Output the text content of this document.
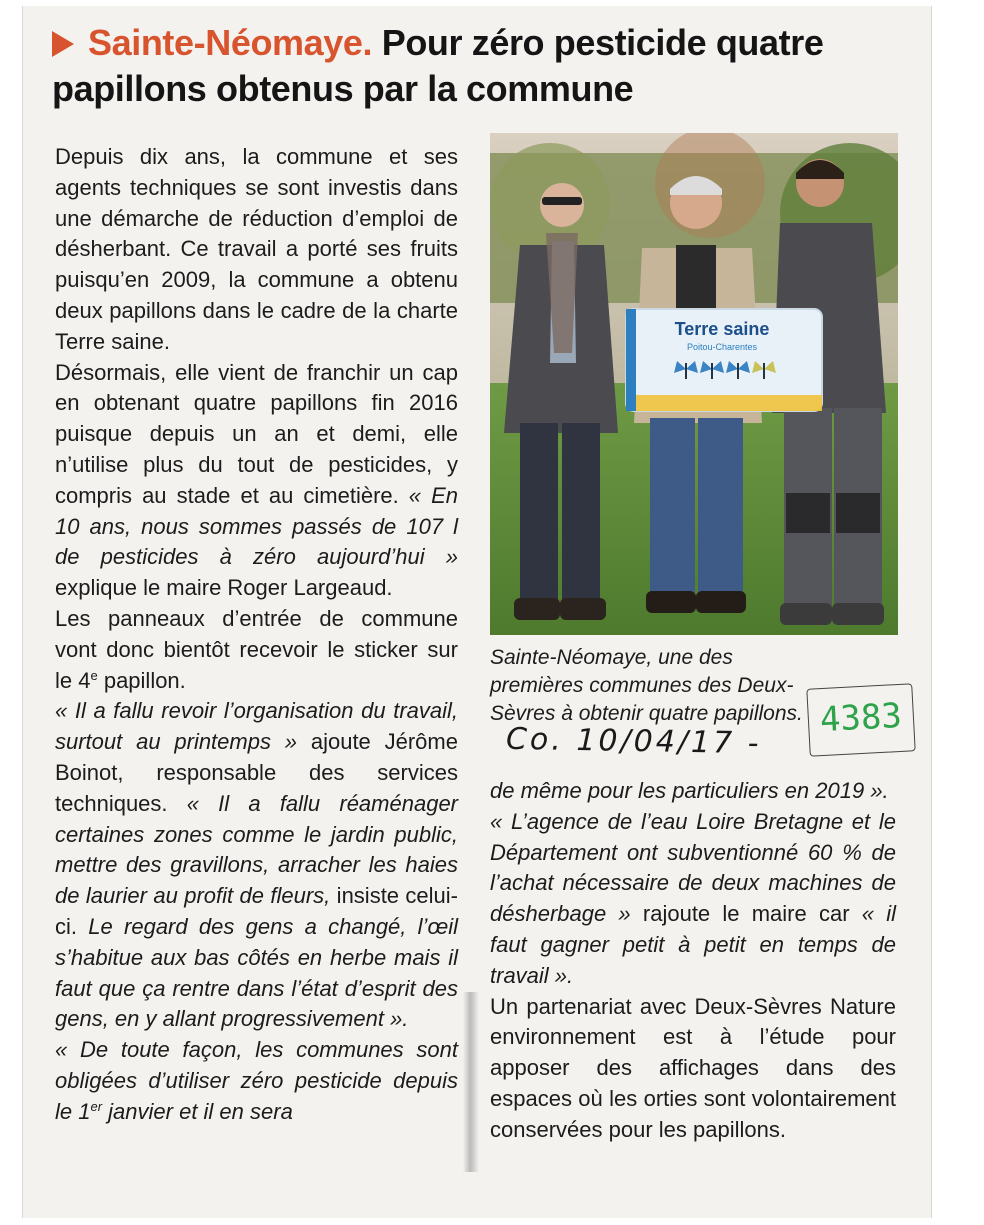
Sainte-Néomaye. Pour zéro pesticide quatre papillons obtenus par la commune

Depuis dix ans, la commune et ses agents techniques se sont investis dans une démarche de réduction d’emploi de désherbant. Ce travail a porté ses fruits puisqu’en 2009, la commune a obtenu deux papillons dans le cadre de la charte Terre saine.

Désormais, elle vient de franchir un cap en obtenant quatre papillons fin 2016 puisque depuis un an et demi, elle n’utilise plus du tout de pesticides, y compris au stade et au cimetière. « En 10 ans, nous sommes passés de 107 l de pesticides à zéro aujourd’hui » explique le maire Roger Largeaud.

Les panneaux d’entrée de commune vont donc bientôt recevoir le sticker sur le 4e papillon.

« Il a fallu revoir l’organisation du travail, surtout au printemps » ajoute Jérôme Boinot, responsable des services techniques. « Il a fallu réaménager certaines zones comme le jardin public, mettre des gravillons, arracher les haies de laurier au profit de fleurs, insiste celui-ci. Le regard des gens a changé, l’œil s’habitue aux bas côtés en herbe mais il faut que ça rentre dans l’état d’esprit des gens, en y allant progressivement ».

« De toute façon, les communes sont obligées d’utiliser zéro pesticide depuis le 1er janvier et il en sera

Terre saine
Poitou-Charentes
Sainte-Néomaye, une des premières communes des Deux-Sèvres à obtenir quatre papillons.
Co. 10/04/17 -
4383

de même pour les particuliers en 2019 ».

« L’agence de l’eau Loire Bretagne et le Département ont subventionné 60 % de l’achat nécessaire de deux machines de désherbage » rajoute le maire car « il faut gagner petit à petit en temps de travail ».

Un partenariat avec Deux-Sèvres Nature environnement est à l’étude pour apposer des affichages dans des espaces où les orties sont volontairement conservées pour les papillons.
